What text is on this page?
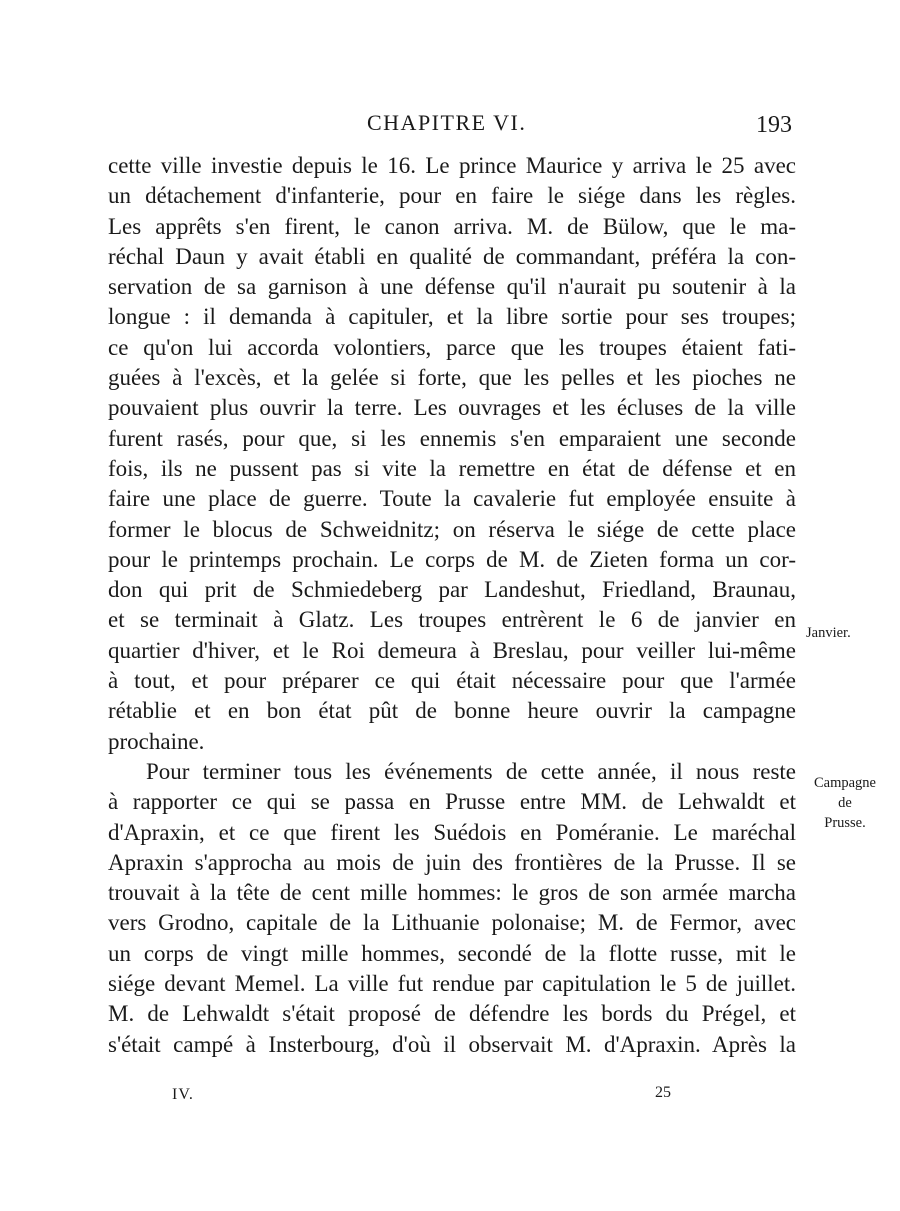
CHAPITRE VI.	193
cette ville investie depuis le 16. Le prince Maurice y arriva le 25 avec
un détachement d'infanterie, pour en faire le siége dans les règles.
Les apprêts s'en firent, le canon arriva. M. de Bülow, que le ma-
réchal Daun y avait établi en qualité de commandant, préféra la con-
servation de sa garnison à une défense qu'il n'aurait pu soutenir à la
longue : il demanda à capituler, et la libre sortie pour ses troupes;
ce qu'on lui accorda volontiers, parce que les troupes étaient fati-
guées à l'excès, et la gelée si forte, que les pelles et les pioches ne
pouvaient plus ouvrir la terre. Les ouvrages et les écluses de la ville
furent rasés, pour que, si les ennemis s'en emparaient une seconde
fois, ils ne pussent pas si vite la remettre en état de défense et en
faire une place de guerre. Toute la cavalerie fut employée ensuite à
former le blocus de Schweidnitz; on réserva le siége de cette place
pour le printemps prochain. Le corps de M. de Zieten forma un cor-
don qui prit de Schmiedeberg par Landeshut, Friedland, Braunau,
et se terminait à Glatz. Les troupes entrèrent le 6 de janvier en
quartier d'hiver, et le Roi demeura à Breslau, pour veiller lui-même
à tout, et pour préparer ce qui était nécessaire pour que l'armée
rétablie et en bon état pût de bonne heure ouvrir la campagne
prochaine.
Pour terminer tous les événements de cette année, il nous reste
à rapporter ce qui se passa en Prusse entre MM. de Lehwaldt et
d'Apraxin, et ce que firent les Suédois en Poméranie. Le maréchal
Apraxin s'approcha au mois de juin des frontières de la Prusse. Il se
trouvait à la tête de cent mille hommes: le gros de son armée marcha
vers Grodno, capitale de la Lithuanie polonaise; M. de Fermor, avec
un corps de vingt mille hommes, secondé de la flotte russe, mit le
siége devant Memel. La ville fut rendue par capitulation le 5 de juillet.
M. de Lehwaldt s'était proposé de défendre les bords du Prégel, et
s'était campé à Insterbourg, d'où il observait M. d'Apraxin. Après la
Janvier.
Campagne
de
Prusse.
IV.	25
